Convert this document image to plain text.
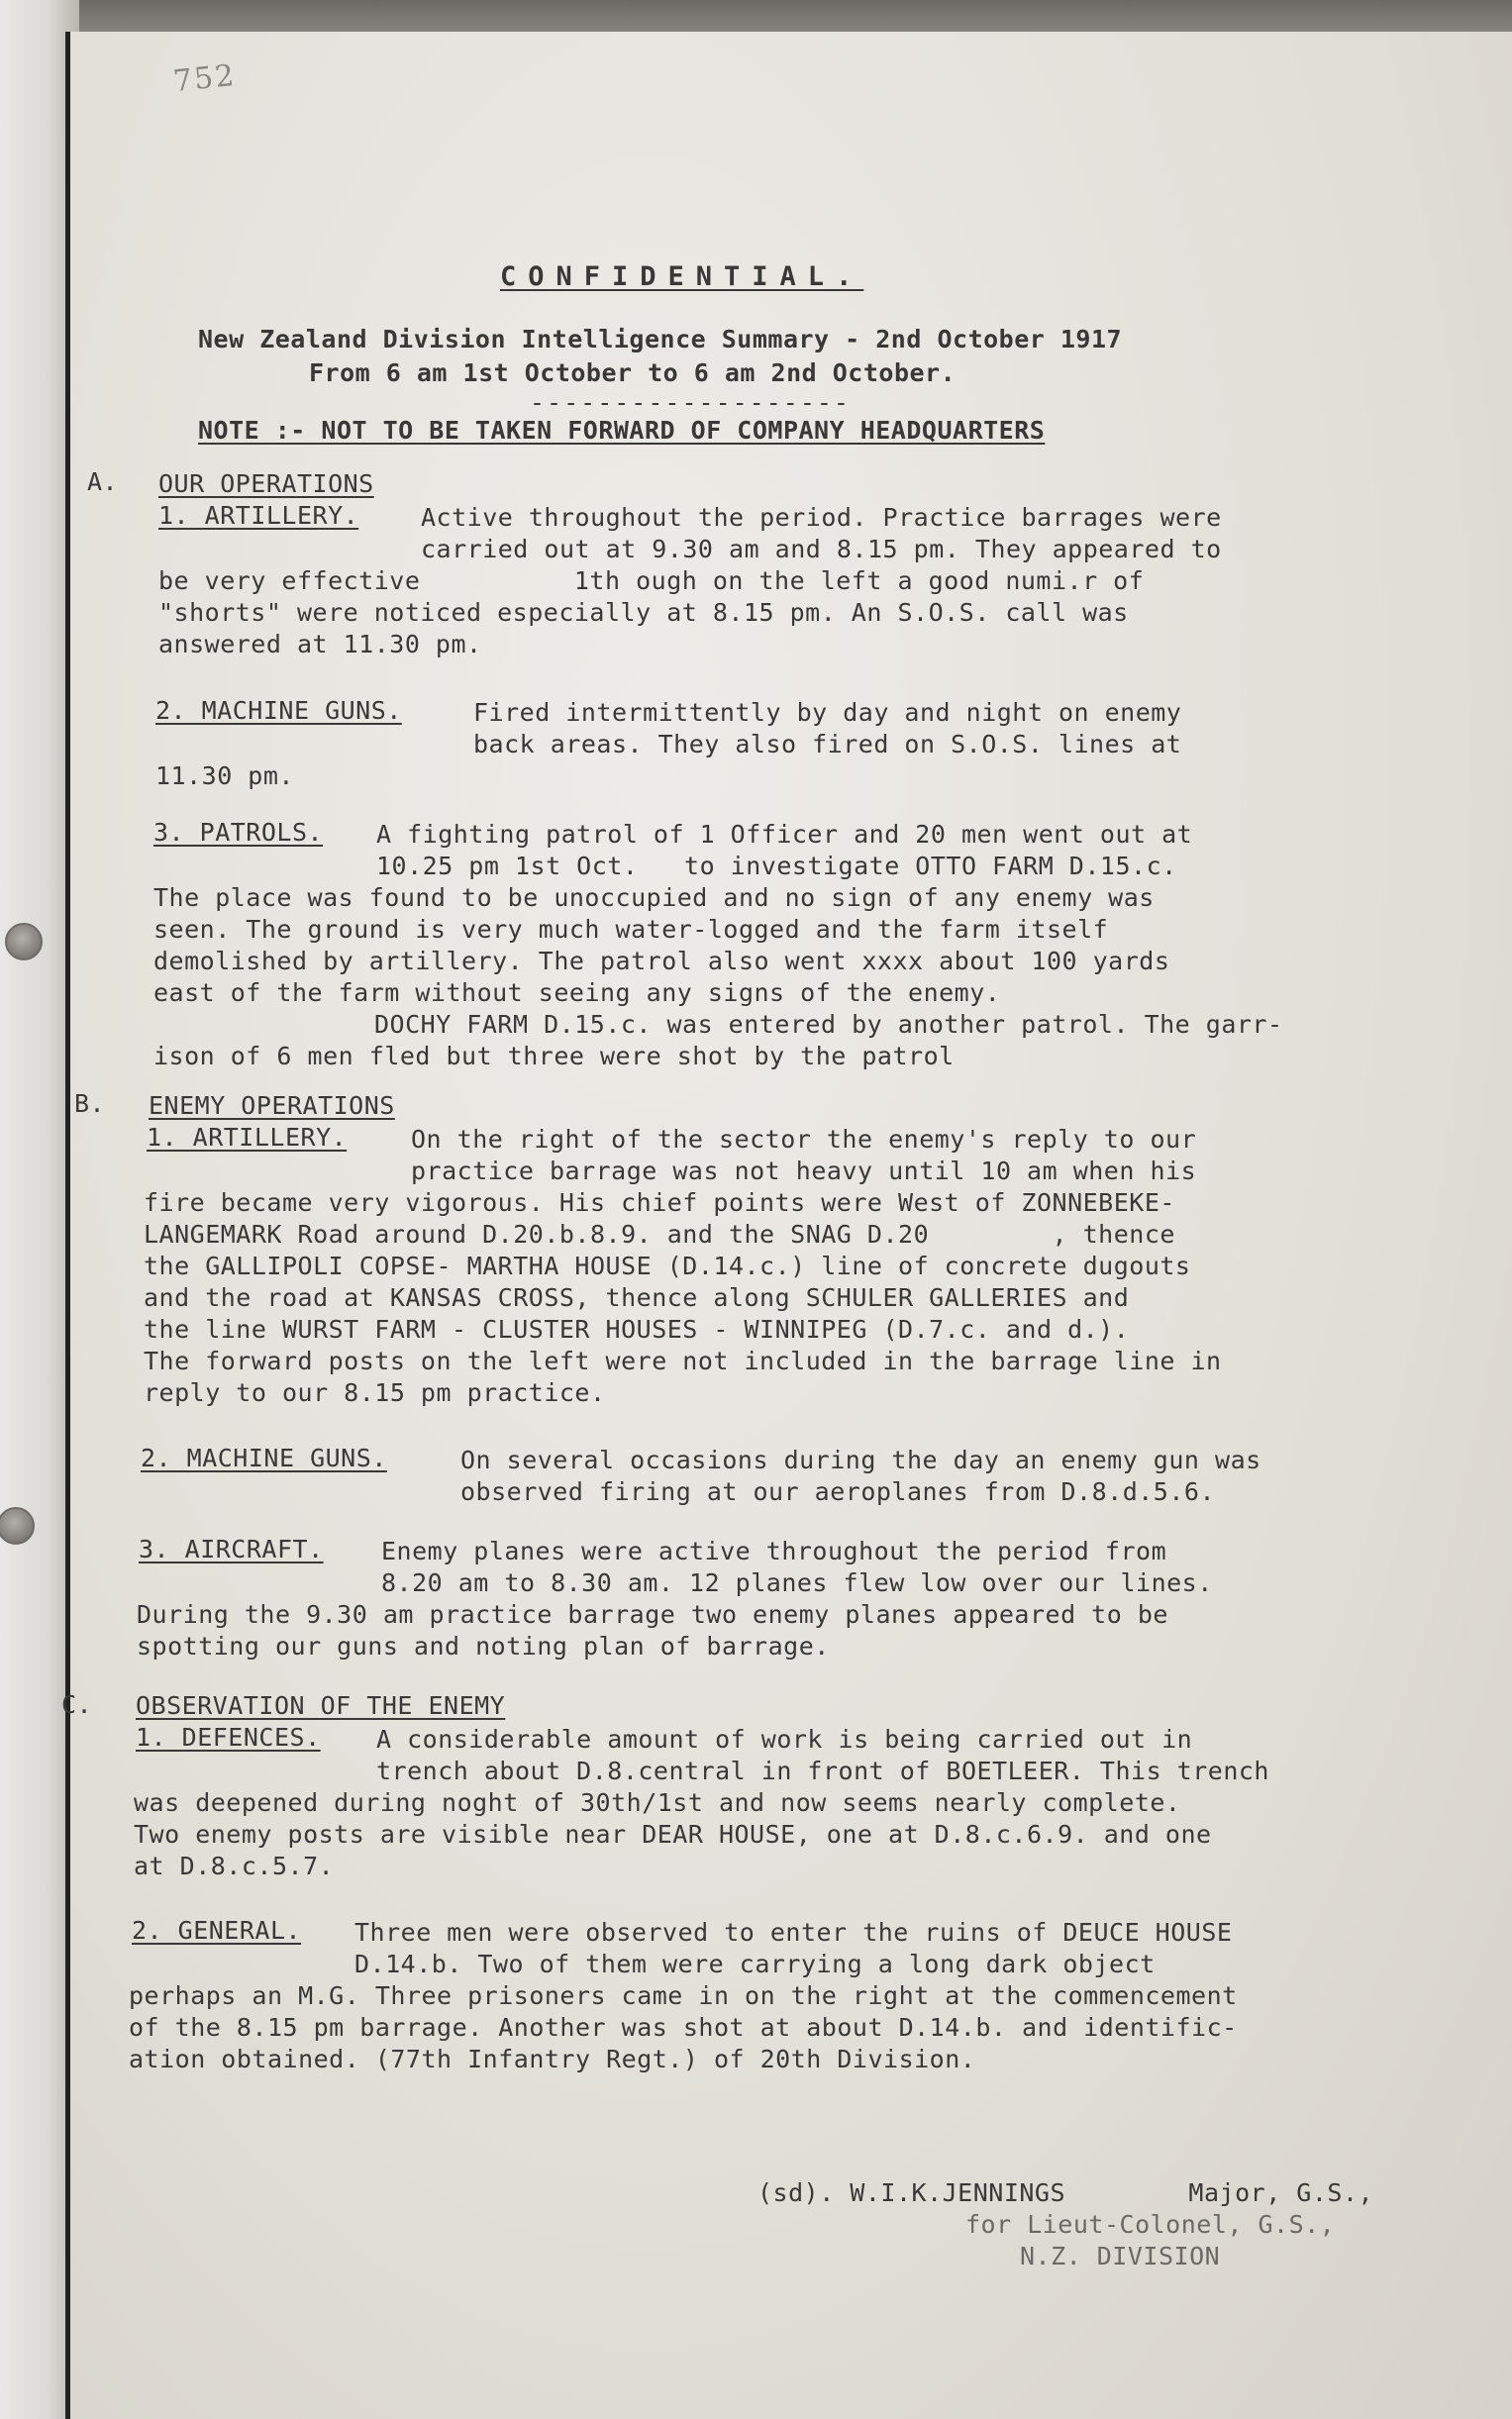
752
CONFIDENTIAL.
New Zealand Division Intelligence Summary - 2nd October 1917
From 6 am 1st October to 6 am 2nd October.
-------------------
NOTE :- NOT TO BE TAKEN FORWARD OF COMPANY HEADQUARTERS
A. OUR OPERATIONS
1. ARTILLERY.	Active throughout the period. Practice barrages were
carried out at 9.30 am and 8.15 pm. They appeared to
be very effective          1th ough on the left a good numi.r of
"shorts" were noticed especially at 8.15 pm. An S.O.S. call was
answered at 11.30 pm.
2. MACHINE GUNS.	Fired intermittently by day and night on enemy
back areas. They also fired on S.O.S. lines at
11.30 pm.
3. PATROLS. A fighting patrol of 1 Officer and 20 men went out at
10.25 pm 1st Oct.   to investigate OTTO FARM D.15.c.
The place was found to be unoccupied and no sign of any enemy was
seen. The ground is very much water-logged and the farm itself
demolished by artillery. The patrol also went xxxx about 100 yards
east of the farm without seeing any signs of the enemy.
DOCHY FARM D.15.c. was entered by another patrol. The garr-
ison of 6 men fled but three were shot by the patrol
B. ENEMY OPERATIONS
1. ARTILLERY.	On the right of the sector the enemy's reply to our
practice barrage was not heavy until 10 am when his
fire became very vigorous. His chief points were West of ZONNEBEKE-
LANGEMARK Road around D.20.b.8.9. and the SNAG D.20        , thence
the GALLIPOLI COPSE- MARTHA HOUSE (D.14.c.) line of concrete dugouts
and the road at KANSAS CROSS, thence along SCHULER GALLERIES and
the line WURST FARM - CLUSTER HOUSES - WINNIPEG (D.7.c. and d.).
The forward posts on the left were not included in the barrage line in
reply to our 8.15 pm practice.
2. MACHINE GUNS.	On several occasions during the day an enemy gun was
observed firing at our aeroplanes from D.8.d.5.6.
3. AIRCRAFT. Enemy planes were active throughout the period from
8.20 am to 8.30 am. 12 planes flew low over our lines.
During the 9.30 am practice barrage two enemy planes appeared to be
spotting our guns and noting plan of barrage.
C. OBSERVATION OF THE ENEMY
1. DEFENCES. A considerable amount of work is being carried out in
trench about D.8.central in front of BOETLEER. This trench
was deepened during noght of 30th/1st and now seems nearly complete.
Two enemy posts are visible near DEAR HOUSE, one at D.8.c.6.9. and one
at D.8.c.5.7.
2. GENERAL. Three men were observed to enter the ruins of DEUCE HOUSE
D.14.b. Two of them were carrying a long dark object
perhaps an M.G. Three prisoners came in on the right at the commencement
of the 8.15 pm barrage. Another was shot at about D.14.b. and identific-
ation obtained. (77th Infantry Regt.) of 20th Division.
(sd). W.I.K.JENNINGS        Major, G.S.,
for Lieut-Colonel, G.S.,
N.Z. DIVISION
